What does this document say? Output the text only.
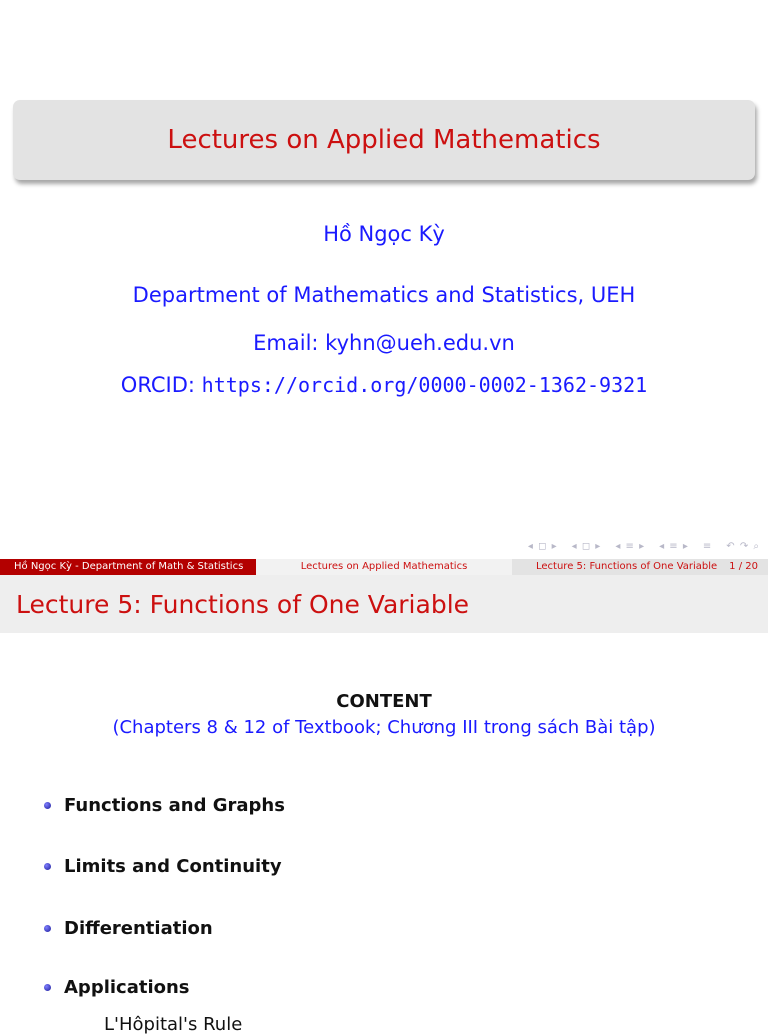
Lectures on Applied Mathematics
Hồ Ngọc Kỳ
Department of Mathematics and Statistics, UEH
Email: kyhn@ueh.edu.vn
ORCID: https://orcid.org/0000-0002-1362-9321
◂ ◻ ▸ ◂ ◻ ▸ ◂ ≡ ▸ ◂ ≡ ▸ ≡ ↶ ↷ ⌕
Hồ Ngọc Kỳ - Department of Math & Statistics	Lectures on Applied Mathematics	Lecture 5: Functions of One Variable 1 / 20
Lecture 5: Functions of One Variable
CONTENT
(Chapters 8 & 12 of Textbook; Chương III trong sách Bài tập)
Functions and Graphs
Limits and Continuity
Differentiation
Applications
L'Hôpital's Rule
